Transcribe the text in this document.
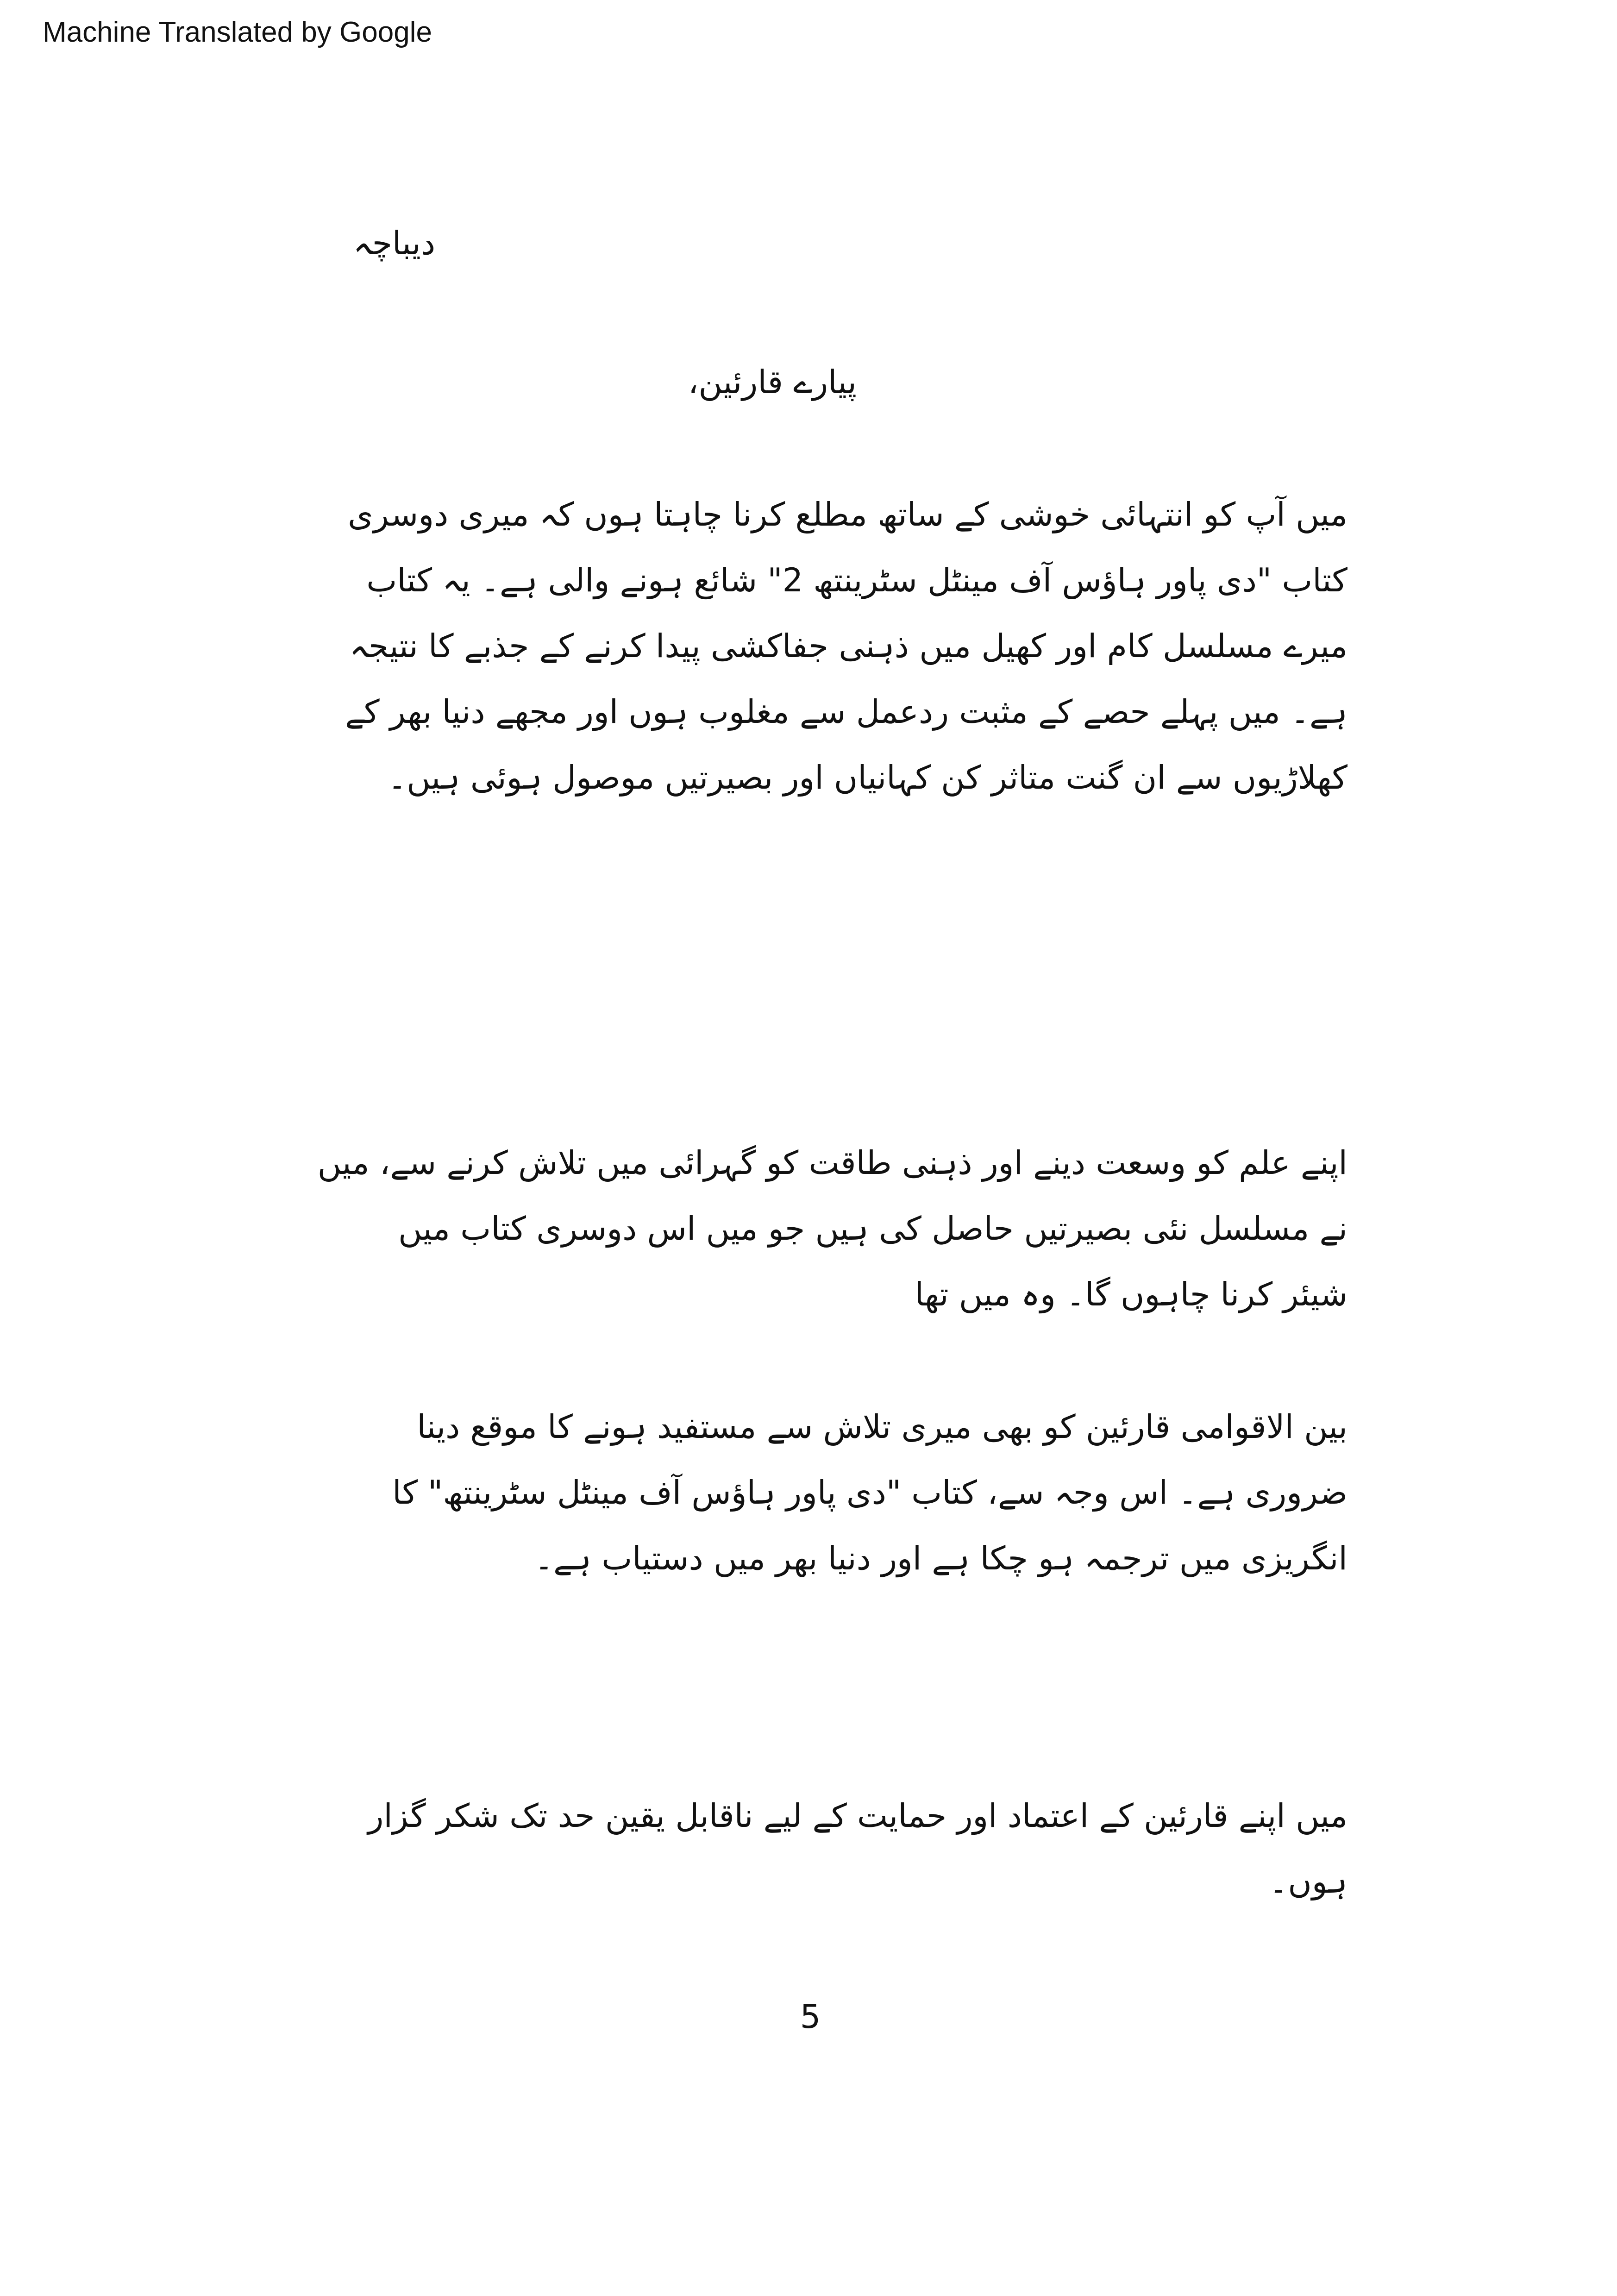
Machine Translated by Google
دیباچہ
پیارے قارئین،

میں آپ کو انتہائی خوشی کے ساتھ مطلع کرنا چاہتا ہوں کہ میری دوسری
کتاب "دی پاور ہاؤس آف مینٹل سٹرینتھ 2" شائع ہونے والی ہے۔ یہ کتاب
میرے مسلسل کام اور کھیل میں ذہنی جفاکشی پیدا کرنے کے جذبے کا نتیجہ
ہے۔ میں پہلے حصے کے مثبت ردعمل سے مغلوب ہوں اور مجھے دنیا بھر کے
کھلاڑیوں سے ان گنت متاثر کن کہانیاں اور بصیرتیں موصول ہوئی ہیں۔

اپنے علم کو وسعت دینے اور ذہنی طاقت کو گہرائی میں تلاش کرنے سے، میں
نے مسلسل نئی بصیرتیں حاصل کی ہیں جو میں اس دوسری کتاب میں
شیئر کرنا چاہوں گا۔ وہ میں تھا

بین الاقوامی قارئین کو بھی میری تلاش سے مستفید ہونے کا موقع دینا
ضروری ہے۔ اس وجہ سے، کتاب "دی پاور ہاؤس آف مینٹل سٹرینتھ" کا
انگریزی میں ترجمہ ہو چکا ہے اور دنیا بھر میں دستیاب ہے۔

میں اپنے قارئین کے اعتماد اور حمایت کے لیے ناقابل یقین حد تک شکر گزار
ہوں۔

5
